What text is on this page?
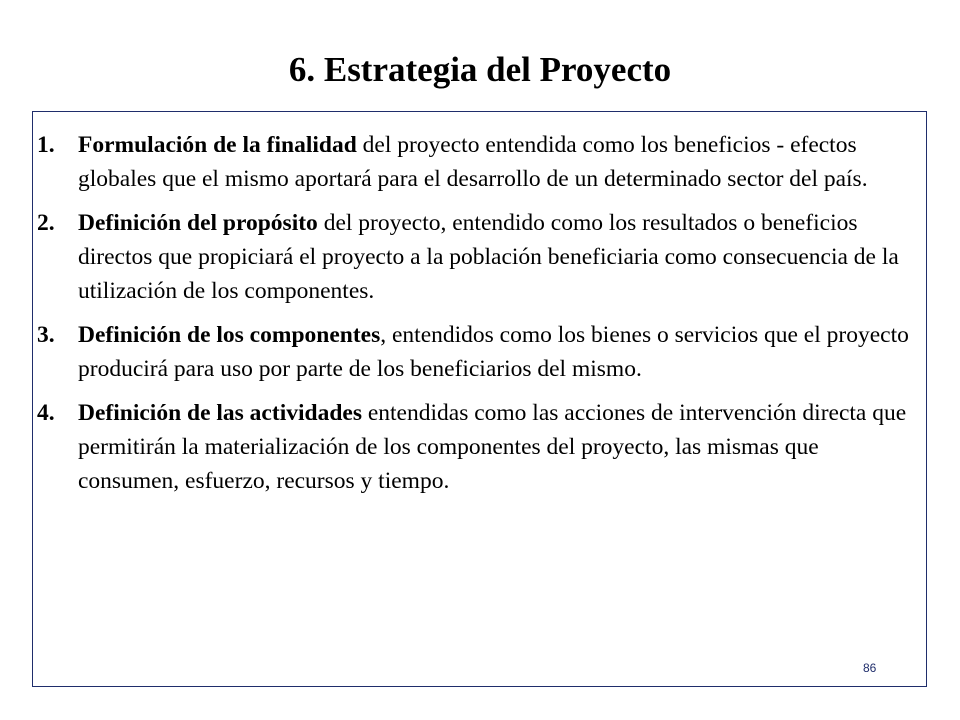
6. Estrategia del Proyecto
1. Formulación de la finalidad del proyecto entendida como los beneficios - efectos globales que el mismo aportará para el desarrollo de un determinado sector del país.
2. Definición del propósito del proyecto, entendido como los resultados o beneficios directos que propiciará el proyecto a la población beneficiaria como consecuencia de la utilización de los componentes.
3. Definición de los componentes, entendidos como los bienes o servicios que el proyecto producirá para uso por parte de los beneficiarios del mismo.
4. Definición de las actividades entendidas como las acciones de intervención directa que permitirán la materialización de los componentes del proyecto, las mismas que consumen, esfuerzo, recursos y tiempo.
86
